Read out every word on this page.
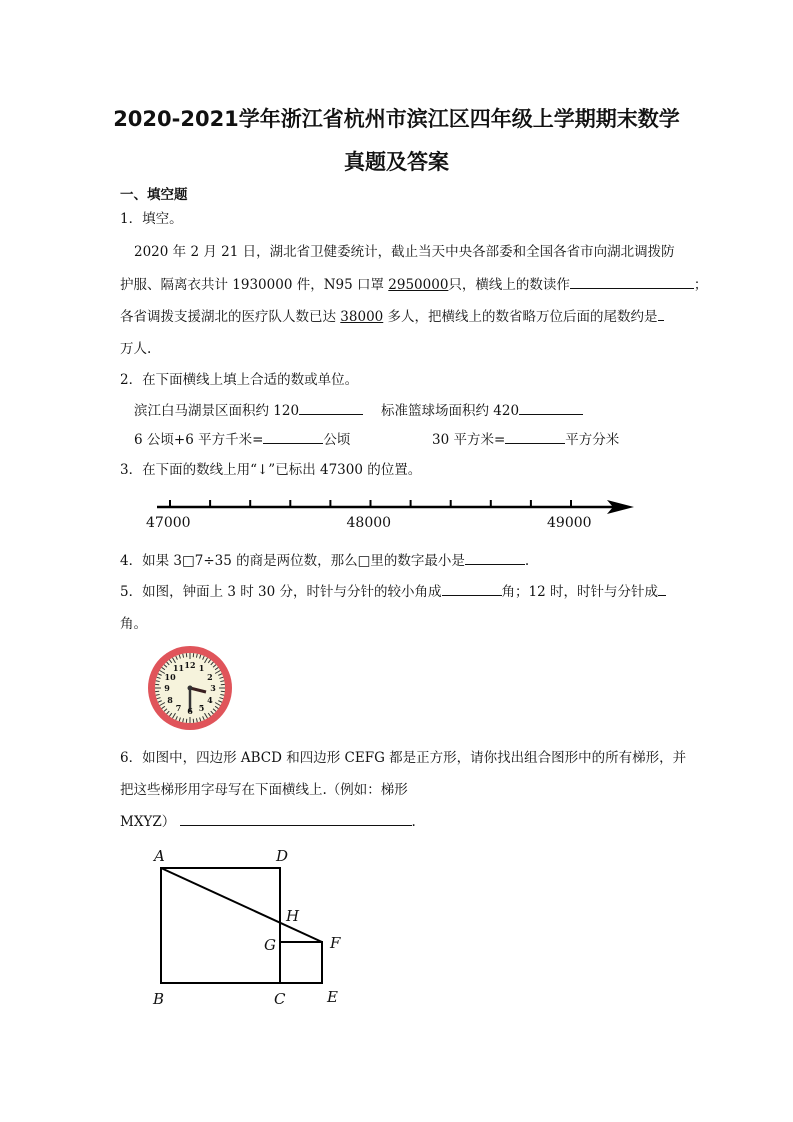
2020-2021学年浙江省杭州市滨江区四年级上学期期末数学
真题及答案
一、填空题
1．填空。
2020 年 2 月 21 日，湖北省卫健委统计，截止当天中央各部委和全国各省市向湖北调拨防
护服、隔离衣共计 1930000 件，N95 口罩 2950000只，横线上的数读作	；
各省调拨支援湖北的医疗队人数已达 38000 多人，把横线上的数省略万位后面的尾数约是
万人.
2．在下面横线上填上合适的数或单位。
滨江白马湖景区面积约 120	标准篮球场面积约 420
6 公顷+6 平方千米=	公顷	30 平方米=	平方分米
3．在下面的数线上用“↓”已标出 47300 的位置。
47000	48000	49000
12 1
2
3
4
5
6
7
8
9
10
11
4．如果 3□7÷35 的商是两位数，那么□里的数字最小是	.
5．如图，钟面上 3 时 30 分，时针与分针的较小角成	角；12 时，时针与分针成
角。
6．如图中，四边形 ABCD 和四边形 CEFG 都是正方形，请你找出组合图形中的所有梯形，并
把这些梯形用字母写在下面横线上.（例如：梯形
MXYZ）	.
A	D
H
G	F
B	C	E
